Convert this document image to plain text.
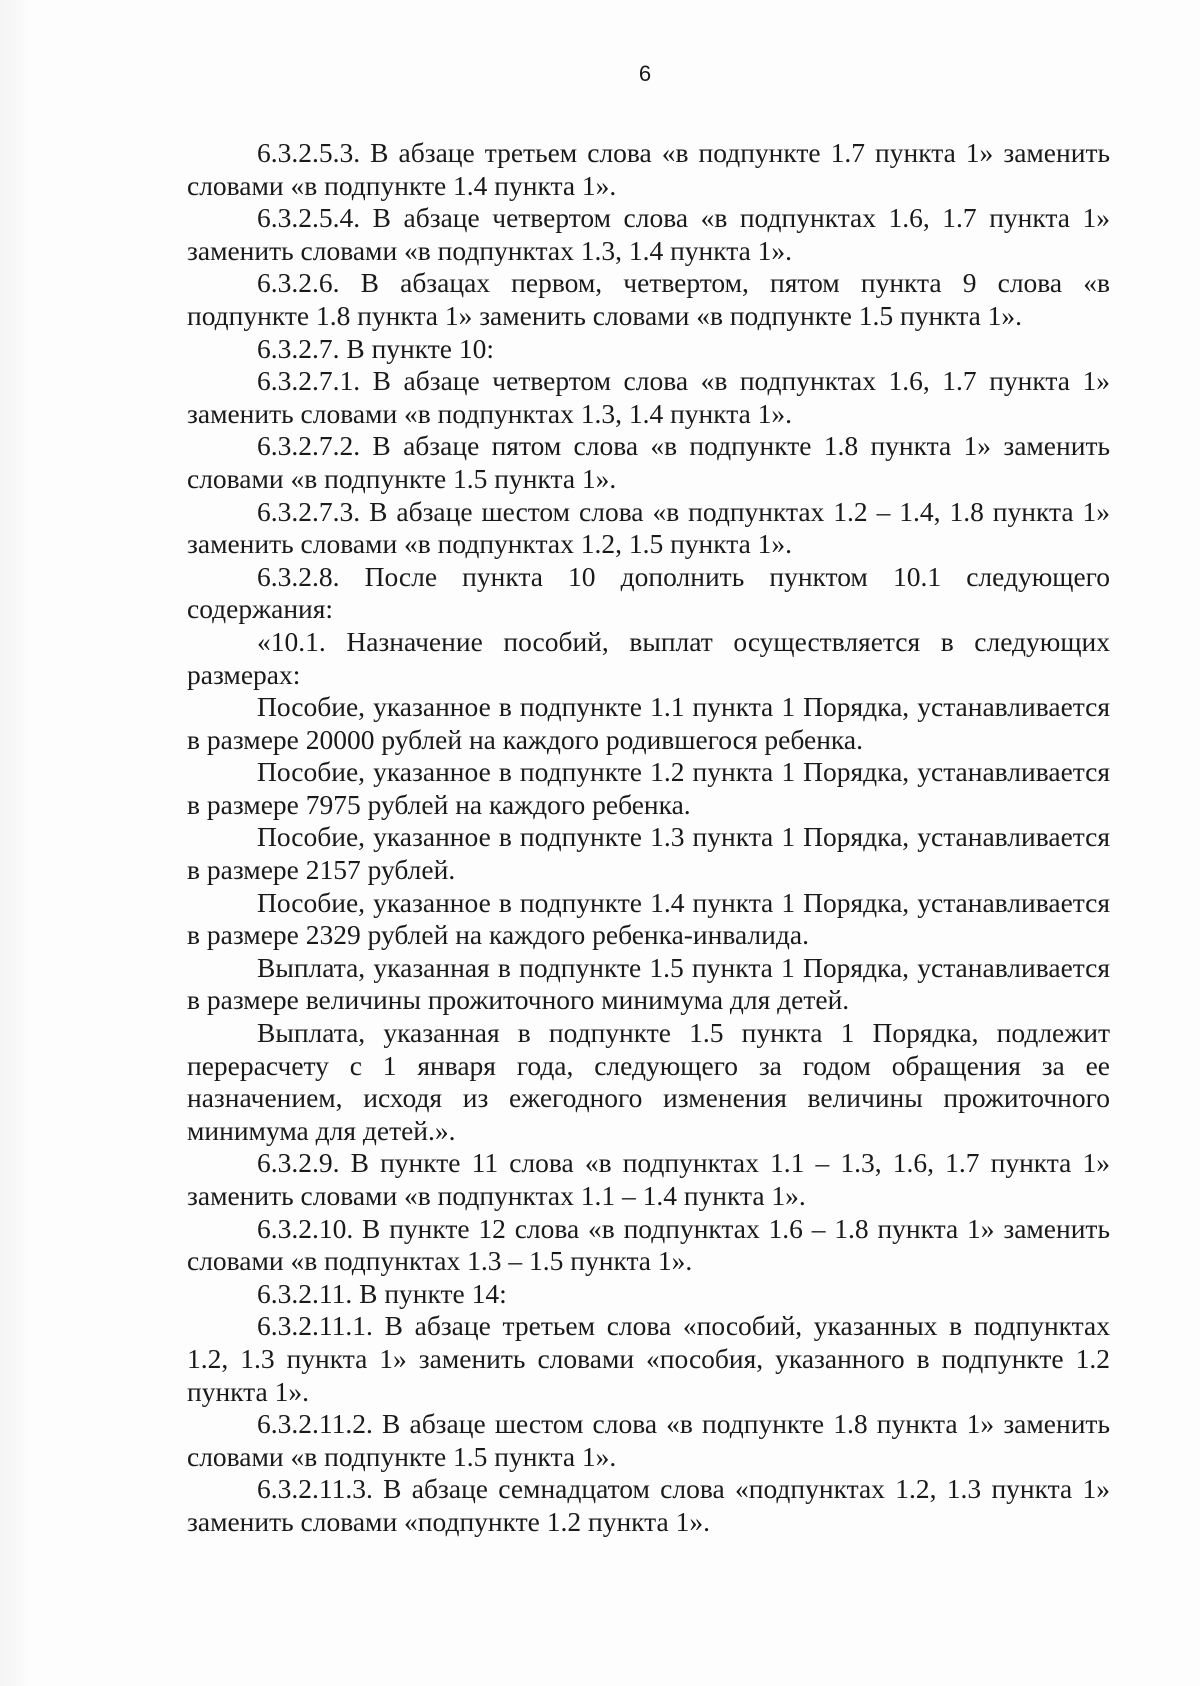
6

6.3.2.5.3. В абзаце третьем слова «в подпункте 1.7 пункта 1» заменить словами «в подпункте 1.4 пункта 1».

6.3.2.5.4. В абзаце четвертом слова «в подпунктах 1.6, 1.7 пункта 1» заменить словами «в подпунктах 1.3, 1.4 пункта 1».

6.3.2.6. В абзацах первом, четвертом, пятом пункта 9 слова «в подпункте 1.8 пункта 1» заменить словами «в подпункте 1.5 пункта 1».

6.3.2.7. В пункте 10:

6.3.2.7.1. В абзаце четвертом слова «в подпунктах 1.6, 1.7 пункта 1» заменить словами «в подпунктах 1.3, 1.4 пункта 1».

6.3.2.7.2. В абзаце пятом слова «в подпункте 1.8 пункта 1» заменить словами «в подпункте 1.5 пункта 1».

6.3.2.7.3. В абзаце шестом слова «в подпунктах 1.2 – 1.4, 1.8 пункта 1» заменить словами «в подпунктах 1.2, 1.5 пункта 1».

6.3.2.8. После пункта 10 дополнить пунктом 10.1 следующего содержания:

«10.1. Назначение пособий, выплат осуществляется в следующих размерах:

Пособие, указанное в подпункте 1.1 пункта 1 Порядка, устанавливается в размере 20000 рублей на каждого родившегося ребенка.

Пособие, указанное в подпункте 1.2 пункта 1 Порядка, устанавливается в размере 7975 рублей на каждого ребенка.

Пособие, указанное в подпункте 1.3 пункта 1 Порядка, устанавливается в размере 2157 рублей.

Пособие, указанное в подпункте 1.4 пункта 1 Порядка, устанавливается в размере 2329 рублей на каждого ребенка-инвалида.

Выплата, указанная в подпункте 1.5 пункта 1 Порядка, устанавливается в размере величины прожиточного минимума для детей.

Выплата, указанная в подпункте 1.5 пункта 1 Порядка, подлежит перерасчету с 1 января года, следующего за годом обращения за ее назначением, исходя из ежегодного изменения величины прожиточного минимума для детей.».

6.3.2.9. В пункте 11 слова «в подпунктах 1.1 – 1.3, 1.6, 1.7 пункта 1» заменить словами «в подпунктах 1.1 – 1.4 пункта 1».

6.3.2.10. В пункте 12 слова «в подпунктах 1.6 – 1.8 пункта 1» заменить словами «в подпунктах 1.3 – 1.5 пункта 1».

6.3.2.11. В пункте 14:

6.3.2.11.1. В абзаце третьем слова «пособий, указанных в подпунктах 1.2, 1.3 пункта 1» заменить словами «пособия, указанного в подпункте 1.2 пункта 1».

6.3.2.11.2. В абзаце шестом слова «в подпункте 1.8 пункта 1» заменить словами «в подпункте 1.5 пункта 1».

6.3.2.11.3. В абзаце семнадцатом слова «подпунктах 1.2, 1.3 пункта 1» заменить словами «подпункте 1.2 пункта 1».
